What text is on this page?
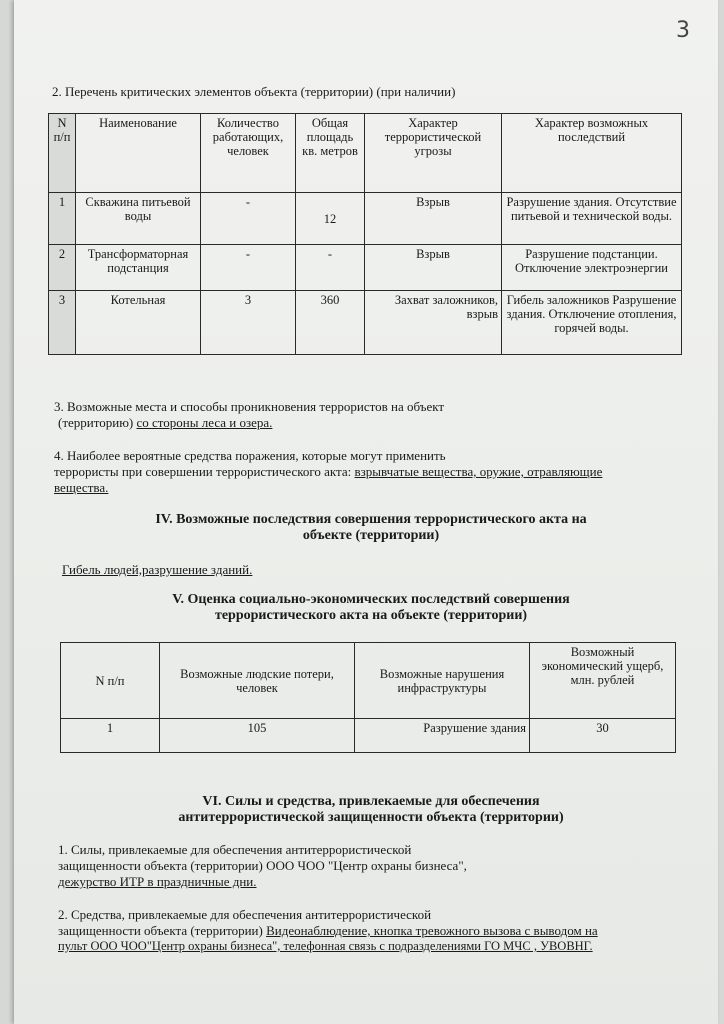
3
2. Перечень критических элементов объекта (территории) (при наличии)
N п/п	Наименование	Количество работающих, человек	Общая площадь кв. метров	Характер террористической угрозы	Характер возможных последствий
1	Скважина питьевой воды	-	12	Взрыв	Разрушение здания. Отсутствие питьевой и технической воды.
2	Трансформаторная подстанция	-	-	Взрыв	Разрушение подстанции. Отключение электроэнергии
3	Котельная	3	360	Захват заложников, взрыв	Гибель заложников Разрушение здания. Отключение отопления, горячей воды.
3. Возможные места и способы проникновения террористов на объект
(территорию) со стороны леса и озера.
4. Наиболее вероятные средства поражения, которые могут применить
террористы при совершении террористического акта: взрывчатые вещества, оружие, отравляющие
вещества.
IV. Возможные последствия совершения террористического акта на
объекте (территории)
Гибель людей,разрушение зданий.
V. Оценка социально-экономических последствий совершения
террористического акта на объекте (территории)
N п/п	Возможные людские потери, человек	Возможные нарушения инфраструктуры	Возможный экономический ущерб, млн. рублей
1	105	Разрушение здания	30
VI. Силы и средства, привлекаемые для обеспечения
антитеррористической защищенности объекта (территории)
1. Силы, привлекаемые для обеспечения антитеррористической
защищенности объекта (территории) ООО ЧОО "Центр охраны бизнеса",
дежурство ИТР в праздничные дни.
2. Средства, привлекаемые для обеспечения антитеррористической
защищенности объекта (территории) Видеонаблюдение, кнопка тревожного вызова с выводом на
пульт ООО ЧОО"Центр охраны бизнеса", телефонная связь с подразделениями ГО МЧС , УВОВНГ.
